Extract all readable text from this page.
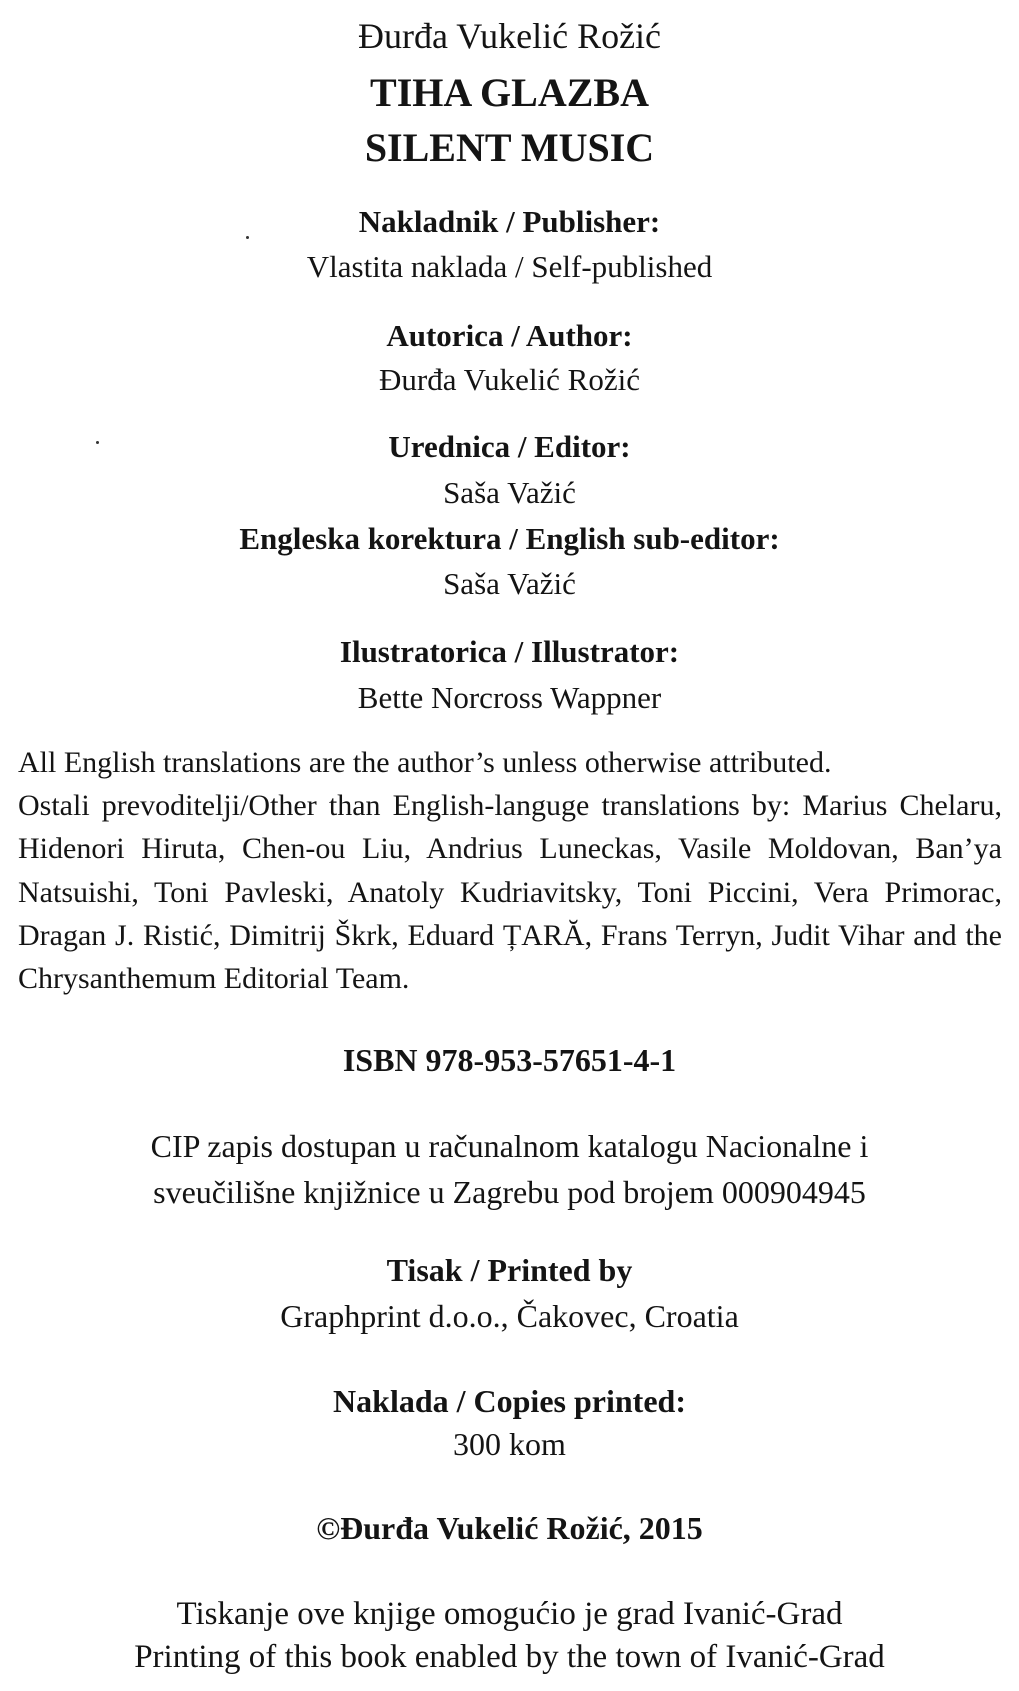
Đurđa Vukelić Rožić
TIHA GLAZBA
SILENT MUSIC
Nakladnik / Publisher:
Vlastita naklada / Self-published
Autorica / Author:
Đurđa Vukelić Rožić
Urednica / Editor:
Saša Važić
Engleska korektura / English sub-editor:
Saša Važić
Ilustratorica / Illustrator:
Bette Norcross Wappner

All English translations are the author’s unless otherwise attributed.

Ostali prevoditelji/Other than English-languge translations by: Marius Chelaru, Hidenori Hiruta, Chen-ou Liu, Andrius Luneckas, Vasile Moldovan, Ban’ya Natsuishi, Toni Pavleski, Anatoly Kudriavitsky, Toni Piccini, Vera Primorac, Dragan J. Ristić, Dimitrij Škrk, Eduard ȚARĂ, Frans Terryn, Judit Vihar and the Chrysanthemum Editorial Team.

ISBN 978-953-57651-4-1
CIP zapis dostupan u računalnom katalogu Nacionalne i
sveučilišne knjižnice u Zagrebu pod brojem 000904945
Tisak / Printed by
Graphprint d.o.o., Čakovec, Croatia
Naklada / Copies printed:
300 kom
©Đurđa Vukelić Rožić, 2015
Tiskanje ove knjige omogućio je grad Ivanić-Grad
Printing of this book enabled by the town of Ivanić-Grad
